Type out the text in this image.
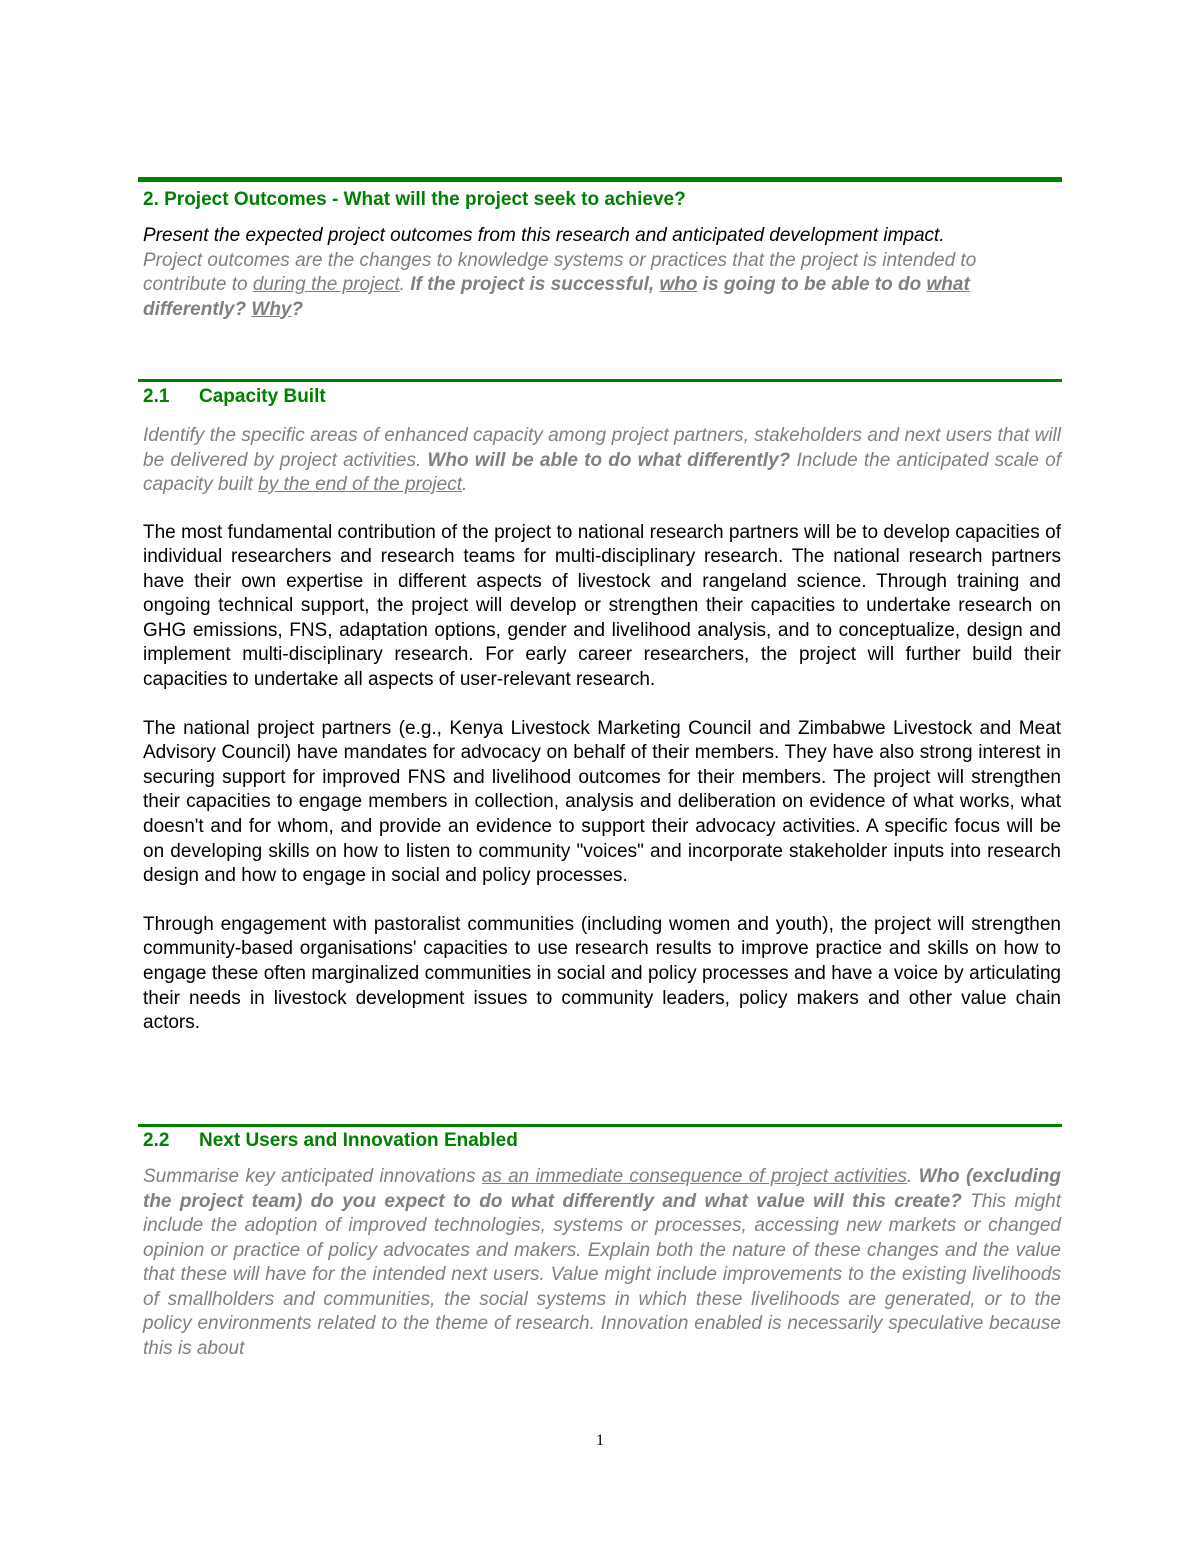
2. Project Outcomes - What will the project seek to achieve?

Present the expected project outcomes from this research and anticipated development impact.
Project outcomes are the changes to knowledge systems or practices that the project is intended to contribute to during the project. If the project is successful, who is going to be able to do what differently? Why?

2.1 Capacity Built

Identify the specific areas of enhanced capacity among project partners, stakeholders and next users that will be delivered by project activities. Who will be able to do what differently? Include the anticipated scale of capacity built by the end of the project.

The most fundamental contribution of the project to national research partners will be to develop capacities of individual researchers and research teams for multi-disciplinary research. The national research partners have their own expertise in different aspects of livestock and rangeland science. Through training and ongoing technical support, the project will develop or strengthen their capacities to undertake research on GHG emissions, FNS, adaptation options, gender and livelihood analysis, and to conceptualize, design and implement multi-disciplinary research. For early career researchers, the project will further build their capacities to undertake all aspects of user-relevant research.

The national project partners (e.g., Kenya Livestock Marketing Council and Zimbabwe Livestock and Meat Advisory Council) have mandates for advocacy on behalf of their members. They have also strong interest in securing support for improved FNS and livelihood outcomes for their members. The project will strengthen their capacities to engage members in collection, analysis and deliberation on evidence of what works, what doesn't and for whom, and provide an evidence to support their advocacy activities. A specific focus will be on developing skills on how to listen to community "voices" and incorporate stakeholder inputs into research design and how to engage in social and policy processes.

Through engagement with pastoralist communities (including women and youth), the project will strengthen community-based organisations' capacities to use research results to improve practice and skills on how to engage these often marginalized communities in social and policy processes and have a voice by articulating their needs in livestock development issues to community leaders, policy makers and other value chain actors.

2.2 Next Users and Innovation Enabled

Summarise key anticipated innovations as an immediate consequence of project activities. Who (excluding the project team) do you expect to do what differently and what value will this create? This might include the adoption of improved technologies, systems or processes, accessing new markets or changed opinion or practice of policy advocates and makers. Explain both the nature of these changes and the value that these will have for the intended next users. Value might include improvements to the existing livelihoods of smallholders and communities, the social systems in which these livelihoods are generated, or to the policy environments related to the theme of research. Innovation enabled is necessarily speculative because this is about

1
